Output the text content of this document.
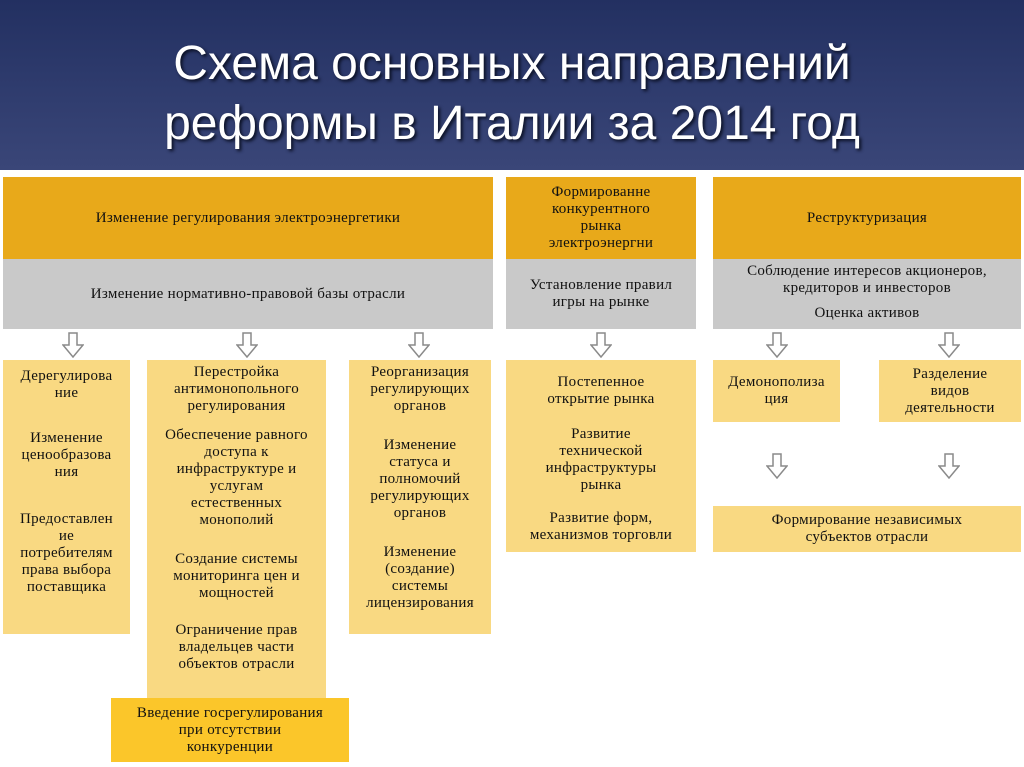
Схема основных направлений
реформы в Италии за 2014 год
Изменение регулирования электроэнергетики
Изменение нормативно-правовой базы отрасли
Дерегулирова
ние
Изменение
ценообразова
ния
Предоставлен
ие
потребителям
права выбора
поставщика
Перестройка
антимонопольного
регулирования
Обеспечение равного
доступа к
инфраструктуре и
услугам
естественных
монополий
Создание системы
мониторинга цен и
мощностей
Ограничение прав
владельцев части
объектов отрасли
Реорганизация
регулирующих
органов
Изменение
статуса и
полномочий
регулирующих
органов
Изменение
(создание)
системы
лицензирования
Введение госрегулирования
при отсутствии
конкуренции
Формированне
конкурентного
рынка
электроэнергни
Установление правил
игры на рынке
Постепенное
открытие рынка
Развитие
технической
инфраструктуры
рынка
Развитие форм,
механизмов торговли
Реструктуризация
Соблюдение интересов акционеров,
кредиторов и инвесторов
Оценка активов
Демонополиза
ция
Разделение
видов
деятельности
Формирование независимых
субъектов отрасли
